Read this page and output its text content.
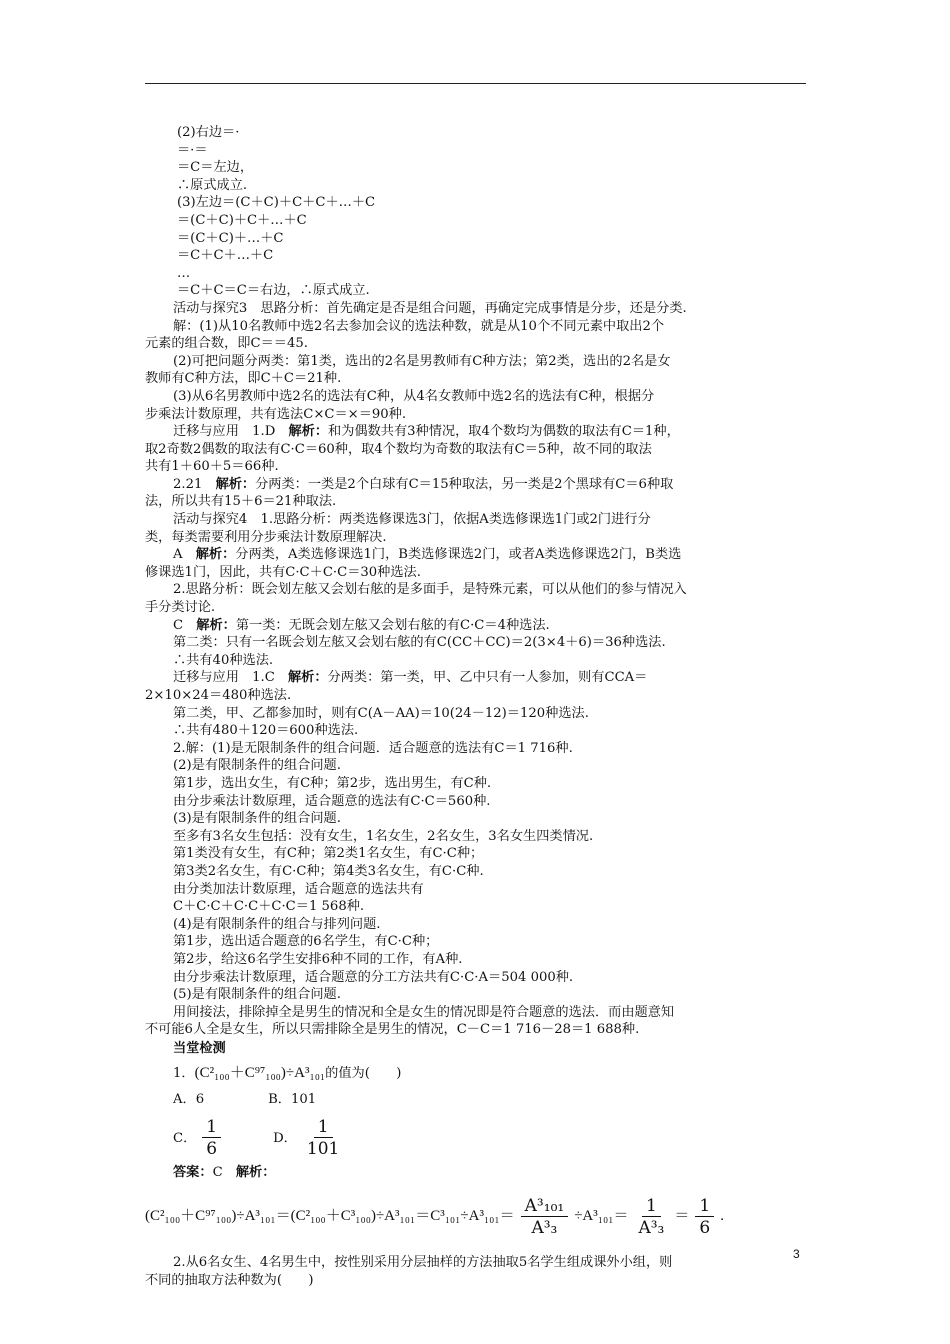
(2)右边＝·
＝·＝
＝C＝左边，
∴原式成立.
(3)左边＝(C＋C)＋C＋C＋…＋C
＝(C＋C)＋C＋…＋C
＝(C＋C)＋…＋C
＝C＋C＋…＋C
…
＝C＋C＝C＝右边，∴原式成立.
活动与探究3　思路分析：首先确定是否是组合问题，再确定完成事情是分步，还是分类.
解：(1)从10名教师中选2名去参加会议的选法种数，就是从10个不同元素中取出2个
元素的组合数，即C＝＝45.
(2)可把问题分两类：第1类，选出的2名是男教师有C种方法；第2类，选出的2名是女
教师有C种方法，即C＋C＝21种.
(3)从6名男教师中选2名的选法有C种，从4名女教师中选2名的选法有C种，根据分
步乘法计数原理，共有选法C×C＝×＝90种.
迁移与应用　1.D　解析：和为偶数共有3种情况，取4个数均为偶数的取法有C＝1种，
取2奇数2偶数的取法有C·C＝60种，取4个数均为奇数的取法有C＝5种，故不同的取法
共有1＋60＋5＝66种.
2.21　解析：分两类：一类是2个白球有C＝15种取法，另一类是2个黑球有C＝6种取
法，所以共有15＋6＝21种取法.
活动与探究4　1.思路分析：两类选修课选3门，依据A类选修课选1门或2门进行分
类，每类需要利用分步乘法计数原理解决.
A　解析：分两类，A类选修课选1门，B类选修课选2门，或者A类选修课选2门，B类选
修课选1门，因此，共有C·C＋C·C＝30种选法.
2.思路分析：既会划左舷又会划右舷的是多面手，是特殊元素，可以从他们的参与情况入
手分类讨论.
C　解析：第一类：无既会划左舷又会划右舷的有C·C＝4种选法.
第二类：只有一名既会划左舷又会划右舷的有C(CC＋CC)＝2(3×4＋6)＝36种选法.
∴共有40种选法.
迁移与应用　1.C　解析：分两类：第一类，甲、乙中只有一人参加，则有CCA＝
2×10×24＝480种选法.
第二类，甲、乙都参加时，则有C(A－AA)＝10(24－12)＝120种选法.
∴共有480＋120＝600种选法.
2.解：(1)是无限制条件的组合问题．适合题意的选法有C＝1 716种.
(2)是有限制条件的组合问题.
第1步，选出女生，有C种；第2步，选出男生，有C种.
由分步乘法计数原理，适合题意的选法有C·C＝560种.
(3)是有限制条件的组合问题.
至多有3名女生包括：没有女生，1名女生，2名女生，3名女生四类情况.
第1类没有女生，有C种；第2类1名女生，有C·C种；
第3类2名女生，有C·C种；第4类3名女生，有C·C种.
由分类加法计数原理，适合题意的选法共有
C＋C·C＋C·C＋C·C＝1 568种.
(4)是有限制条件的组合与排列问题.
第1步，选出适合题意的6名学生，有C·C种；
第2步，给这6名学生安排6种不同的工作，有A种.
由分步乘法计数原理，适合题意的分工方法共有C·C·A＝504 000种.
(5)是有限制条件的组合问题.
用间接法，排除掉全是男生的情况和全是女生的情况即是符合题意的选法．而由题意知
不可能6人全是女生，所以只需排除全是男生的情况，C－C＝1 716－28＝1 688种.
当堂检测
1．(C²₁₀₀＋C⁹⁷₁₀₀)÷A³₁₀₁的值为(　　)
A．6	B．101
C． $\frac{1}{6}$	D． $\frac{1}{101}$
答案：C　解析：
$(C^2_{100}+C^{97}_{100})\div A^3_{101}=(C^2_{100}+C^3_{100})\div A^3_{101}=C^3_{101}\div A^3_{101}= \frac{\text{A³₁₀₁}}{\text{A³₃}} \div A^3_{101}= \frac{1}{\text{A³₃}} = \frac{1}{6}$ .
2.从6名女生、4名男生中，按性别采用分层抽样的方法抽取5名学生组成课外小组，则
不同的抽取方法种数为(　　)
3
